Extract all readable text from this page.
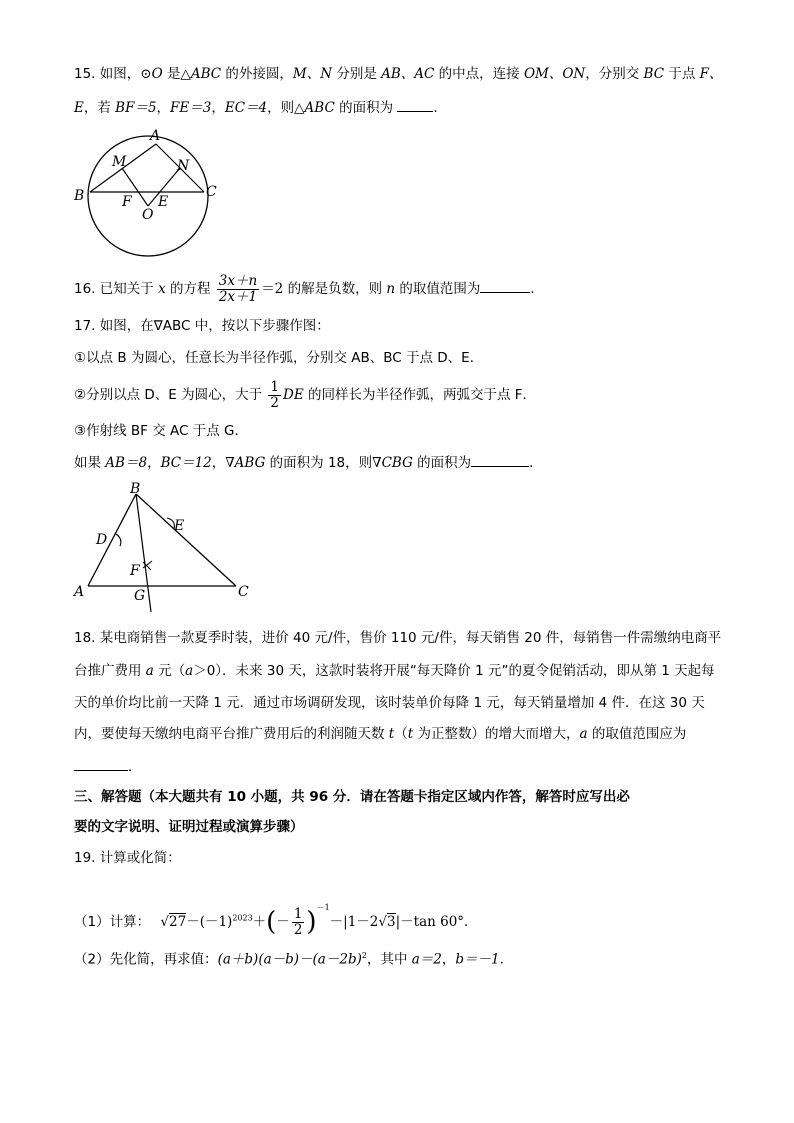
15. 如图，⊙O 是△ABC 的外接圆，M、N 分别是 AB、AC 的中点，连接 OM、ON，分别交 BC 于点 F、
E，若 BF＝5，FE＝3，EC＝4，则△ABC 的面积为	．
A
B	C
M	N
F E
O
16. 已知关于 x 的方程 $\frac{3x+n}{2x+1} =2$ 的解是负数，则 n 的取值范围为	．
17. 如图，在∇ABC 中，按以下步骤作图：
①以点 B 为圆心，任意长为半径作弧，分别交 AB、BC 于点 D、E．
②分别以点 D、E 为圆心，大于 $\frac{1}{2}$ DE 的同样长为半径作弧，两弧交于点 F．
③作射线 BF 交 AC 于点 G．
如果 AB＝8，BC＝12，∇ABG 的面积为 18，则∇CBG 的面积为	．
B
D
E
F
A	G	C
18. 某电商销售一款夏季时装，进价 40 元/件，售价 110 元/件，每天销售 20 件，每销售一件需缴纳电商平
台推广费用 a 元（a＞0）．未来 30 天，这款时装将开展“每天降价 1 元”的夏令促销活动，即从第 1 天起每
天的单价均比前一天降 1 元．通过市场调研发现，该时装单价每降 1 元，每天销量增加 4 件．在这 30 天
内，要使每天缴纳电商平台推广费用后的利润随天数 t（t 为正整数）的增大而增大，a 的取值范围应为
．
三、解答题（本大题共有 10 小题，共 96 分．请在答题卡指定区域内作答，解答时应写出必
要的文字说明、证明过程或演算步骤）
19. 计算或化简：
（1）计算： $√27-(-1)^{2023}+(- \frac{1}{2} )^{-1}-|1-2√3|-\tan$ 60°．
（2）先化简，再求值：$(a+b)(a-b)-(a-2b)^2$，其中 a＝2，b＝－1．
